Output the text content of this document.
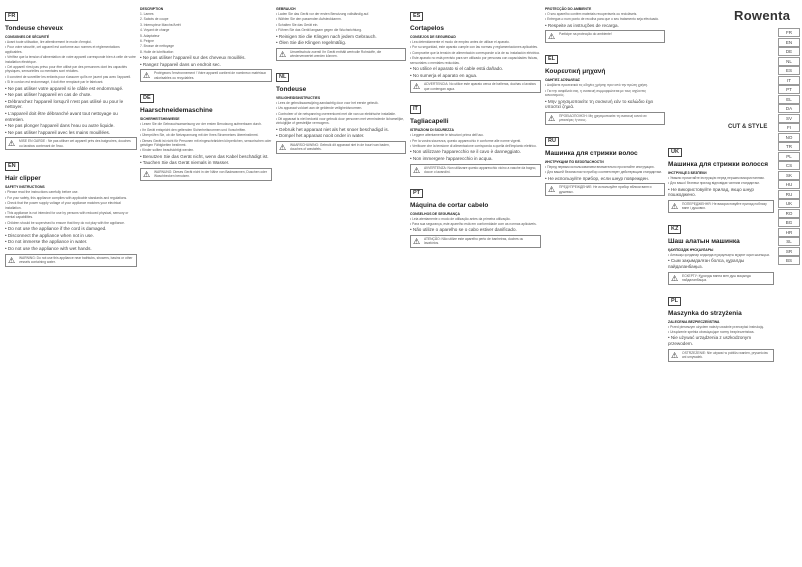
FR
Tondeuse cheveux
CONSIGNES DE SÉCURITÉ
• Avant toute utilisation, lire attentivement le mode d'emploi.
• Pour votre sécurité, cet appareil est conforme aux normes et réglementations applicables.
• Vérifiez que la tension d'alimentation de votre appareil corresponde bien à celle de votre installation électrique.
• Cet appareil n'est pas prévu pour être utilisé par des personnes dont les capacités physiques, sensorielles ou mentales sont réduites.
• Il convient de surveiller les enfants pour s'assurer qu'ils ne jouent pas avec l'appareil.
• Si le cordon est endommagé, il doit être remplacé par le fabricant.
• Ne pas utiliser votre appareil si le câble est endommagé.
• Ne pas utiliser l'appareil en cas de chute.
• Débranchez l'appareil lorsqu'il n'est pas utilisé ou pour le nettoyer.
• L'appareil doit être débranché avant tout nettoyage ou entretien.
• Ne pas plonger l'appareil dans l'eau ou autre liquide.
• Ne pas utiliser l'appareil avec les mains mouillées.
⚠	MISE EN GARDE : Ne pas utiliser cet appareil près des baignoires, douches ou lavabos contenant de l'eau.
EN
Hair clipper
SAFETY INSTRUCTIONS
• Please read the instructions carefully before use.
• For your safety, this appliance complies with applicable standards and regulations.
• Check that the power supply voltage of your appliance matches your electrical installation.
• This appliance is not intended for use by persons with reduced physical, sensory or mental capabilities.
• Children should be supervised to ensure that they do not play with the appliance.
• Do not use the appliance if the cord is damaged.
• Disconnect the appliance when not in use.
• Do not immerse the appliance in water.
• Do not use the appliance with wet hands.
⚠	WARNING: Do not use this appliance near bathtubs, showers, basins or other vessels containing water.
DESCRIPTION
1. Lames
2. Sabots de coupe
3. Interrupteur Marche/Arrêt
4. Voyant de charge
5. Adaptateur
6. Peigne
7. Brosse de nettoyage
8. Huile de lubrification
• Ne pas utiliser l'appareil sur des cheveux mouillés.
• Rangez l'appareil dans un endroit sec.
⚠	Protégeons l'environnement ! Votre appareil contient de nombreux matériaux valorisables ou recyclables.
DE
Haarschneidemaschine
SICHERHEITSHINWEISE
• Lesen Sie die Gebrauchsanweisung vor der ersten Benutzung aufmerksam durch.
• Ihr Gerät entspricht den geltenden Sicherheitsnormen und Vorschriften.
• Überprüfen Sie, ob die Netzspannung mit der Ihres Stromnetzes übereinstimmt.
• Dieses Gerät ist nicht für Personen mit eingeschränkten körperlichen, sensorischen oder geistigen Fähigkeiten bestimmt.
• Kinder sollten beaufsichtigt werden.
• Benutzen Sie das Gerät nicht, wenn das Kabel beschädigt ist.
• Tauchen Sie das Gerät niemals in Wasser.
⚠	WARNUNG: Dieses Gerät nicht in der Nähe von Badewannen, Duschen oder Waschbecken benutzen.
GEBRAUCH
• Laden Sie das Gerät vor der ersten Benutzung vollständig auf.
• Wählen Sie den passenden Aufsteckkamm.
• Schalten Sie das Gerät ein.
• Führen Sie das Gerät langsam gegen die Wuchsrichtung.
• Reinigen Sie die Klingen nach jedem Gebrauch.
• Ölen Sie die Klingen regelmäßig.
⚠	Umweltschutz zuerst! Ihr Gerät enthält wertvolle Rohstoffe, die wiederverwertet werden können.
NL
Tondeuse
VEILIGHEIDSINSTRUCTIES
• Lees de gebruiksaanwijzing aandachtig door voor het eerste gebruik.
• Uw apparaat voldoet aan de geldende veiligheidsnormen.
• Controleer of de netspanning overeenkomt met die van uw elektrische installatie.
• Dit apparaat is niet bedoeld voor gebruik door personen met verminderde lichamelijke, zintuiglijke of geestelijke vermogens.
• Gebruik het apparaat niet als het snoer beschadigd is.
• Dompel het apparaat nooit onder in water.
⚠	WAARSCHUWING: Gebruik dit apparaat niet in de buurt van baden, douches of wastafels.
ES
Cortapelos
CONSEJOS DE SEGURIDAD
• Lea detenidamente el modo de empleo antes de utilizar el aparato.
• Por su seguridad, este aparato cumple con las normas y reglamentaciones aplicables.
• Compruebe que la tensión de alimentación corresponde a la de su instalación eléctrica.
• Este aparato no está previsto para ser utilizado por personas con capacidades físicas, sensoriales o mentales reducidas.
• No utilice el aparato si el cable está dañado.
• No sumerja el aparato en agua.
⚠	ADVERTENCIA: No utilice este aparato cerca de bañeras, duchas o lavabos que contengan agua.
IT
Tagliacapelli
ISTRUZIONI DI SICUREZZA
• Leggere attentamente le istruzioni prima dell'uso.
• Per la vostra sicurezza, questo apparecchio è conforme alle norme vigenti.
• Verificare che la tensione di alimentazione corrisponda a quella dell'impianto elettrico.
• Non utilizzare l'apparecchio se il cavo è danneggiato.
• Non immergere l'apparecchio in acqua.
⚠	AVVERTENZA: Non utilizzare questo apparecchio vicino a vasche da bagno, docce o lavandini.
PT
Máquina de cortar cabelo
CONSELHOS DE SEGURANÇA
• Leia atentamente o modo de utilização antes da primeira utilização.
• Para sua segurança, este aparelho está em conformidade com as normas aplicáveis.
• Não utilize o aparelho se o cabo estiver danificado.
⚠	ATENÇÃO: Não utilize este aparelho perto de banheiras, duches ou lavatórios.
PROTECÇÃO DO AMBIENTE
• O seu aparelho contém materiais recuperáveis ou recicláveis.
• Entregue-o num ponto de recolha para que o seu tratamento seja efectuado.
• Respeite as instruções de recarga.
⚠	Participe na protecção do ambiente!
EL
Κουρευτική μηχανή
ΟΔΗΓΙΕΣ ΑΣΦΑΛΕΙΑΣ
• Διαβάστε προσεκτικά τις οδηγίες χρήσης πριν από την πρώτη χρήση.
• Για την ασφάλειά σας, η συσκευή συμμορφώνεται με τους ισχύοντες κανονισμούς.
• Μην χρησιμοποιείτε τη συσκευή εάν το καλώδιο έχει υποστεί ζημιά.
⚠	ΠΡΟΕΙΔΟΠΟΙΗΣΗ: Μη χρησιμοποιείτε τη συσκευή κοντά σε μπανιέρες ή ντους.
RU
Машинка для стрижки волос
ИНСТРУКЦИИ ПО БЕЗОПАСНОСТИ
• Перед первым использованием внимательно прочитайте инструкцию.
• Для вашей безопасности прибор соответствует действующим стандартам.
• Не используйте прибор, если шнур поврежден.
⚠	ПРЕДУПРЕЖДЕНИЕ: Не используйте прибор вблизи ванн и душевых.
UK
Машинка для стрижки волосся
ІНСТРУКЦІЇ З БЕЗПЕКИ
• Уважно прочитайте інструкцію перед першим використанням.
• Для вашої безпеки прилад відповідає чинним стандартам.
• Не використовуйте прилад, якщо шнур пошкоджено.
⚠	ПОПЕРЕДЖЕННЯ: Не використовуйте прилад поблизу ванн і душових.
KZ
Шаш алатын машинка
ҚАУІПСІЗДІК НҰСҚАУЛАРЫ
• Алғашқы қолданар алдында нұсқаулықты мұқият оқып шығыңыз.
• Сым зақымдалған болса, құралды пайдаланбаңыз.
⚠	ЕСКЕРТУ: Құралды ванна мен душ маңында пайдаланбаңыз.
PL
Maszynka do strzyżenia
ZALECENIA BEZPIECZEŃSTWA
• Przed pierwszym użyciem należy uważnie przeczytać instrukcję.
• Urządzenie spełnia obowiązujące normy bezpieczeństwa.
• Nie używać urządzenia z uszkodzonym przewodem.
⚠	OSTRZEŻENIE: Nie używać w pobliżu wanien, pryszniców ani umywalek.
Rowenta
FR
EN
DE
NL
ES
IT
PT
EL
DA
SV
FI
NO
TR
PL
CS
SK
HU
RU
UK
RO
BG
HR
SL
SR
BS
CUT & STYLE
